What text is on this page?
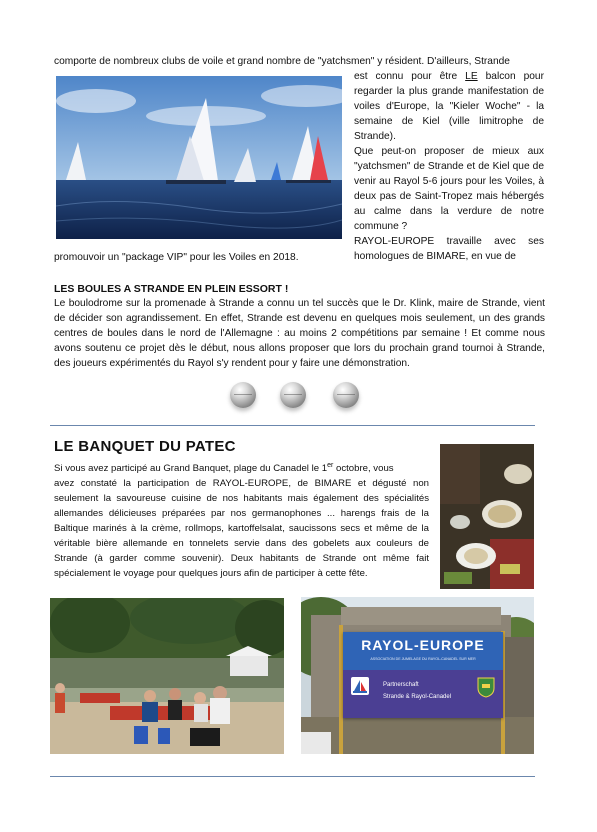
comporte de nombreux clubs de voile et grand nombre de "yatchsmen" y résident. D'ailleurs, Strande

est connu pour être LE balcon pour regarder la plus grande manifestation de voiles d'Europe, la "Kieler Woche" - la semaine de Kiel (ville limitrophe de Strande).

Que peut-on proposer de mieux aux "yatchsmen" de Strande et de Kiel que de venir au Rayol 5-6 jours pour les Voiles, à deux pas de Saint-Tropez mais hébergés au calme dans la verdure de notre commune ?

RAYOL-EUROPE travaille avec ses homologues de BIMARE, en vue de

promouvoir un "package VIP" pour les Voiles en 2018.

LES BOULES A STRANDE EN PLEIN ESSORT !

Le boulodrome sur la promenade à Strande a connu un tel succès que le Dr. Klink, maire de Strande, vient de décider son agrandissement. En effet, Strande est devenu en quelques mois seulement, un des grands centres de boules dans le nord de l'Allemagne : au moins 2 compétitions par semaine ! Et comme nous avons soutenu ce projet dès le début, nous allons proposer que lors du prochain grand tournoi à Strande, des joueurs expérimentés du Rayol s'y rendent pour y faire une démonstration.

LE BANQUET DU PATEC

Si vous avez participé au Grand Banquet, plage du Canadel le 1er octobre, vous

avez constaté la participation de RAYOL-EUROPE, de BIMARE et dégusté non seulement la savoureuse cuisine de nos habitants mais également des spécialités allemandes délicieuses préparées par nos germanophones ... harengs frais de la Baltique marinés à la crème, rollmops, kartoffelsalat, saucissons secs et même de la véritable bière allemande en tonnelets servie dans des gobelets aux couleurs de Strande (à garder comme souvenir). Deux habitants de Strande ont même fait spécialement le voyage pour quelques jours afin de participer à cette fête.

RAYOL-EUROPE
ASSOCIATION DE JUMELAGE DU RAYOL-CANADEL SUR MER
Partnerschaft
Strande & Rayol-Canadel
